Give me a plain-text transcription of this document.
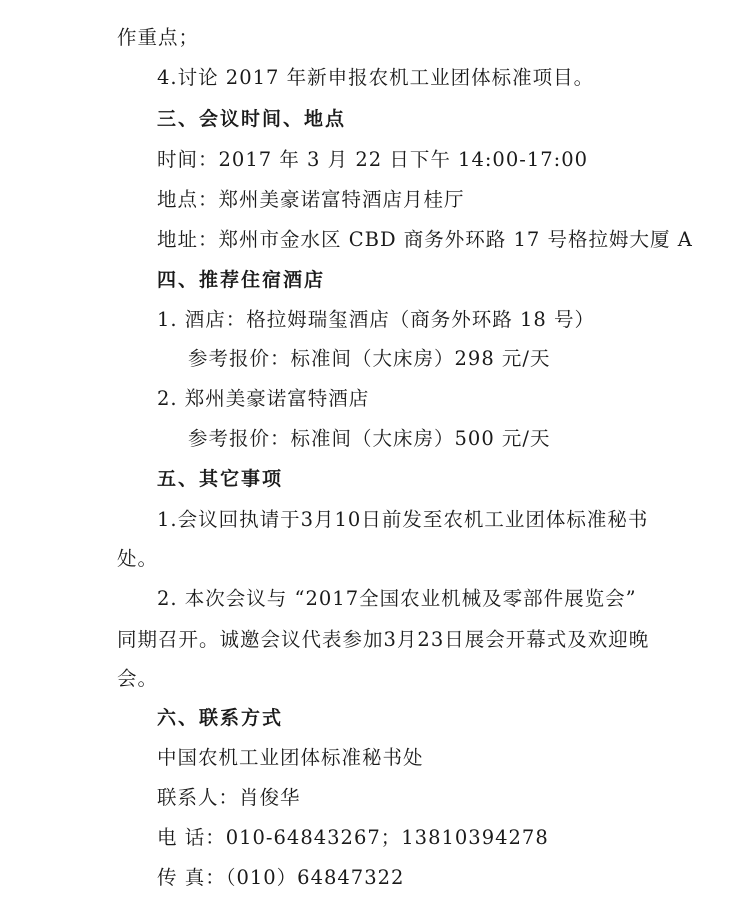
作重点；
4.讨论 2017 年新申报农机工业团体标准项目。
三、会议时间、地点
时间：2017 年 3 月 22 日下午 14:00-17:00
地点：郑州美豪诺富特酒店月桂厅
地址：郑州市金水区 CBD 商务外环路 17 号格拉姆大厦 A
四、推荐住宿酒店
1. 酒店：格拉姆瑞玺酒店（商务外环路 18 号）
参考报价：标准间（大床房）298 元/天
2. 郑州美豪诺富特酒店
参考报价：标准间（大床房）500 元/天
五、其它事项
1.会议回执请于3月10日前发至农机工业团体标准秘书
处。
2. 本次会议与 “2017全国农业机械及零部件展览会”
同期召开。诚邀会议代表参加3月23日展会开幕式及欢迎晚
会。
六、联系方式
中国农机工业团体标准秘书处
联系人：肖俊华
电 话：010-64843267；13810394278
传 真：（010）64847322
